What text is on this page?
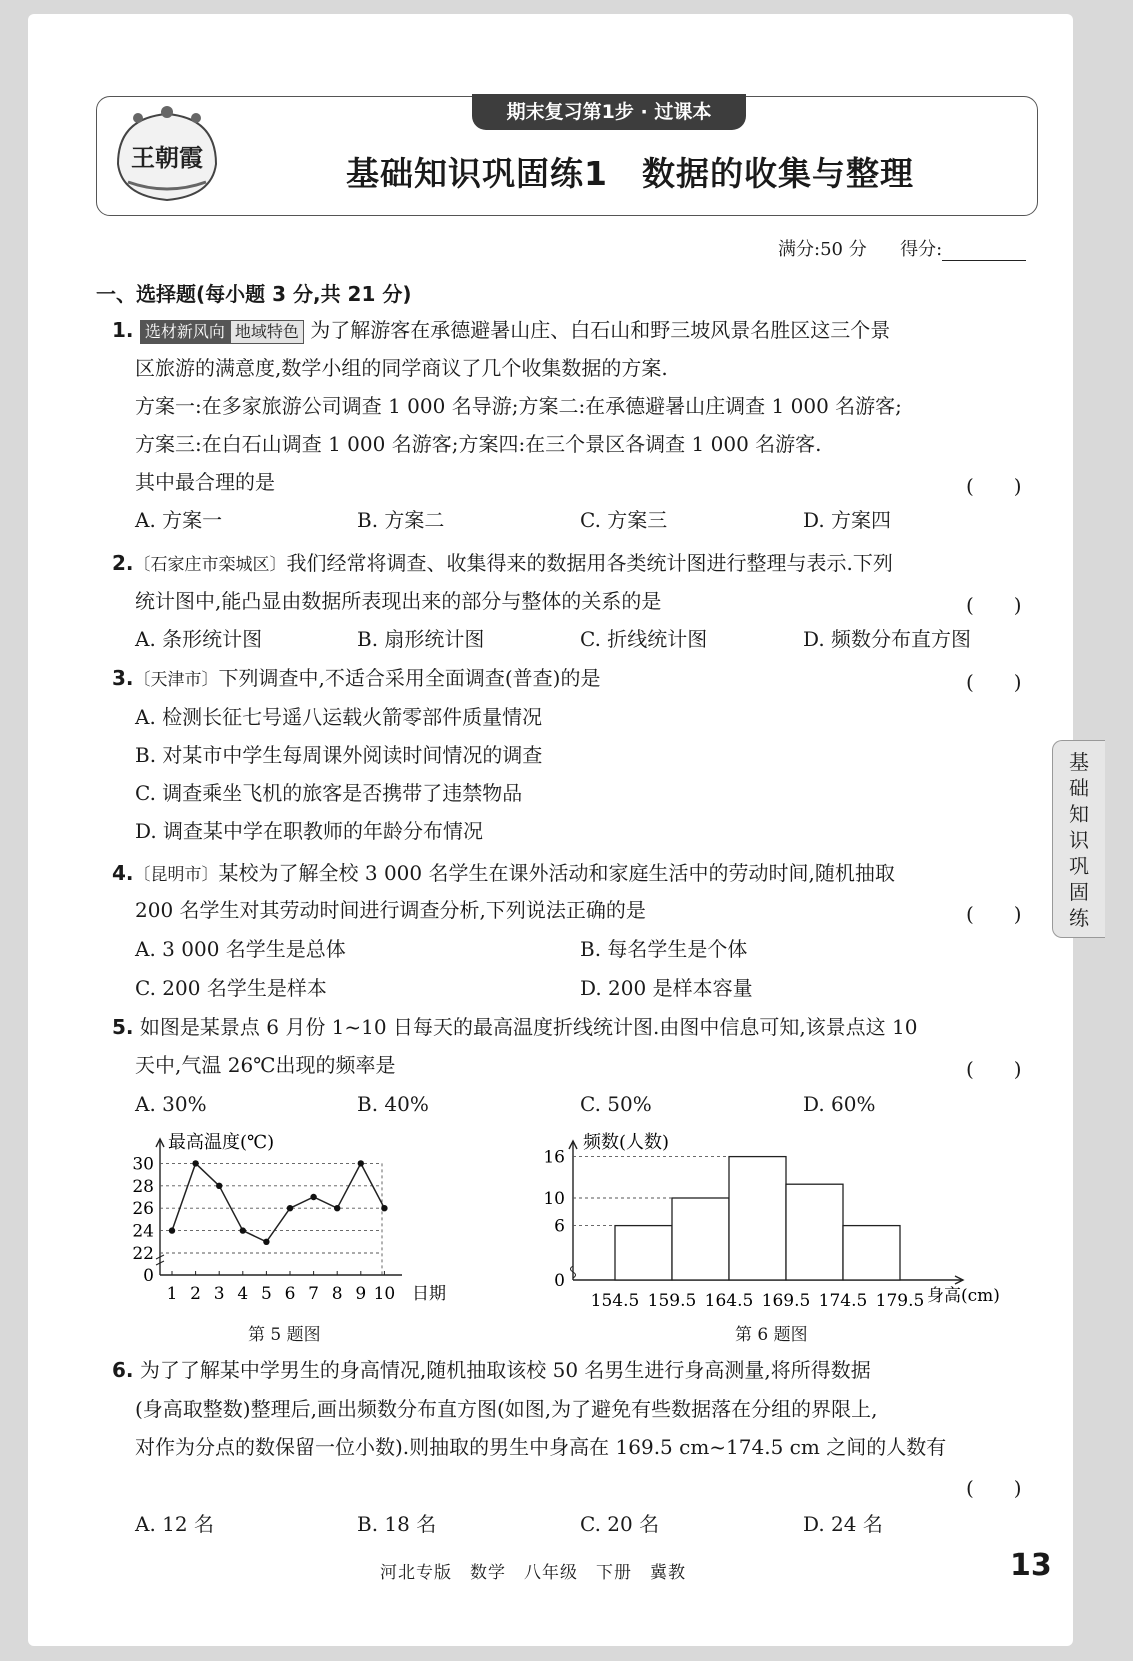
期末复习第1步 · 过课本
王朝霞	基础知识巩固练1　数据的收集与整理
满分:50 分 得分:
一、选择题(每小题 3 分,共 21 分)
1. 选材新风向 地域特色 为了解游客在承德避暑山庄、白石山和野三坡风景名胜区这三个景
区旅游的满意度,数学小组的同学商议了几个收集数据的方案.
方案一:在多家旅游公司调查 1 000 名导游;方案二:在承德避暑山庄调查 1 000 名游客;
方案三:在白石山调查 1 000 名游客;方案四:在三个景区各调查 1 000 名游客.
其中最合理的是	(　　)
A. 方案一	B. 方案二	C. 方案三	D. 方案四
2.〔石家庄市栾城区〕我们经常将调查、收集得来的数据用各类统计图进行整理与表示.下列
统计图中,能凸显由数据所表现出来的部分与整体的关系的是	(　　)
A. 条形统计图	B. 扇形统计图	C. 折线统计图	D. 频数分布直方图
3.〔天津市〕下列调查中,不适合采用全面调查(普查)的是	(　　)
A. 检测长征七号遥八运载火箭零部件质量情况
B. 对某市中学生每周课外阅读时间情况的调查
C. 调查乘坐飞机的旅客是否携带了违禁物品
D. 调查某中学在职教师的年龄分布情况
4.〔昆明市〕某校为了解全校 3 000 名学生在课外活动和家庭生活中的劳动时间,随机抽取
200 名学生对其劳动时间进行调查分析,下列说法正确的是	(　　)
A. 3 000 名学生是总体	B. 每名学生是个体
C. 200 名学生是样本	D. 200 是样本容量
5. 如图是某景点 6 月份 1~10 日每天的最高温度折线统计图.由图中信息可知,该景点这 10
天中,气温 26℃出现的频率是	(　　)
A. 30%	B. 40%	C. 50%	D. 60%
最高温度(℃)
日期
0
22
24
26
28
30
1 2 3 4 5 6 7 8 9 10
第 5 题图
频数(人数)
身高(cm)
0
6
10
16
154.5 159.5 164.5 169.5 174.5 179.5
第 6 题图
6. 为了了解某中学男生的身高情况,随机抽取该校 50 名男生进行身高测量,将所得数据
(身高取整数)整理后,画出频数分布直方图(如图,为了避免有些数据落在分组的界限上,
对作为分点的数保留一位小数).则抽取的男生中身高在 169.5 cm~174.5 cm 之间的人数有
(　　)
A. 12 名	B. 18 名	C. 20 名	D. 24 名
基
础
知
识
巩
固
练
河北专版　数学　八年级　下册　冀教	13
